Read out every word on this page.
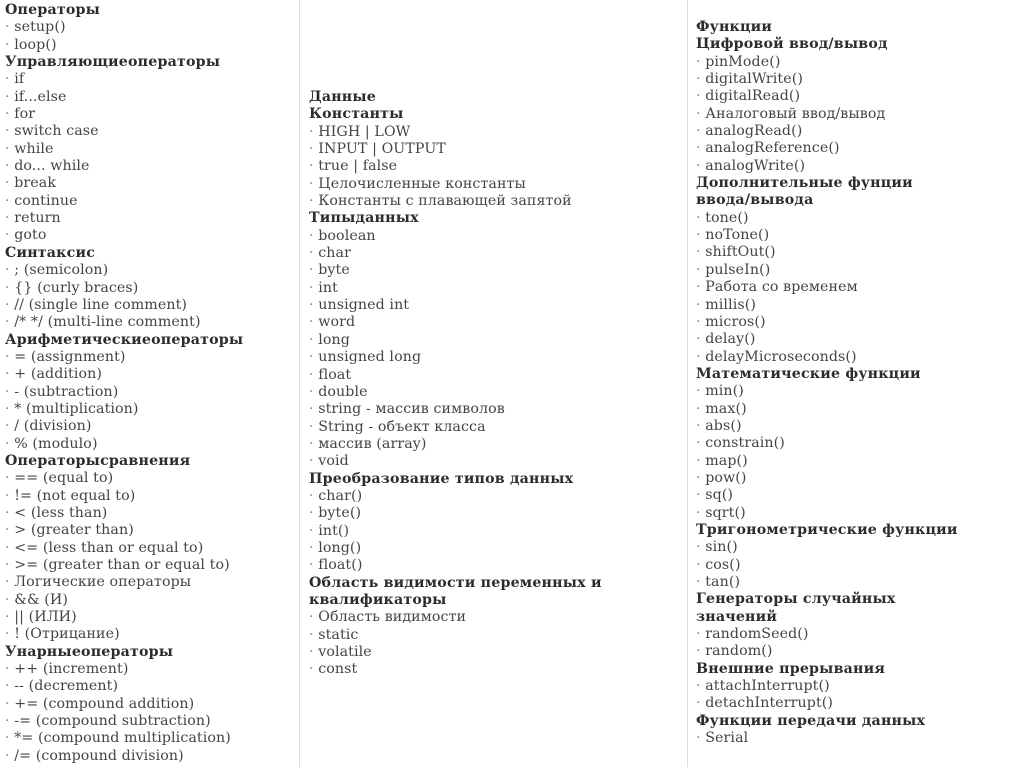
Операторы
· setup()
· loop()
Управляющиеоператоры
· if
· if...else
· for
· switch case
· while
· do... while
· break
· continue
· return
· goto
Синтаксис
· ; (semicolon)
· {} (curly braces)
· // (single line comment)
· /* */ (multi-line comment)
Арифметическиеоператоры
· = (assignment)
· + (addition)
· - (subtraction)
· * (multiplication)
· / (division)
· % (modulo)
Операторысравнения
· == (equal to)
· != (not equal to)
· < (less than)
· > (greater than)
· <= (less than or equal to)
· >= (greater than or equal to)
· Логические операторы
· && (И)
· || (ИЛИ)
· ! (Отрицание)
Унарныеоператоры
· ++ (increment)
· -- (decrement)
· += (compound addition)
· -= (compound subtraction)
· *= (compound multiplication)
· /= (compound division)
Данные
Константы
· HIGH | LOW
· INPUT | OUTPUT
· true | false
· Целочисленные константы
· Константы с плавающей запятой
Типыданных
· boolean
· char
· byte
· int
· unsigned int
· word
· long
· unsigned long
· float
· double
· string - массив символов
· String - объект класса
· массив (array)
· void
Преобразование типов данных
· char()
· byte()
· int()
· long()
· float()
Область видимости переменных и
квалификаторы
· Область видимости
· static
· volatile
· const
Функции
Цифровой ввод/вывод
· pinMode()
· digitalWrite()
· digitalRead()
· Аналоговый ввод/вывод
· analogRead()
· analogReference()
· analogWrite()
Дополнительные фунции
ввода/вывода
· tone()
· noTone()
· shiftOut()
· pulseIn()
· Работа со временем
· millis()
· micros()
· delay()
· delayMicroseconds()
Математические функции
· min()
· max()
· abs()
· constrain()
· map()
· pow()
· sq()
· sqrt()
Тригонометрические функции
· sin()
· cos()
· tan()
Генераторы случайных
значений
· randomSeed()
· random()
Внешние прерывания
· attachInterrupt()
· detachInterrupt()
Функции передачи данных
· Serial
